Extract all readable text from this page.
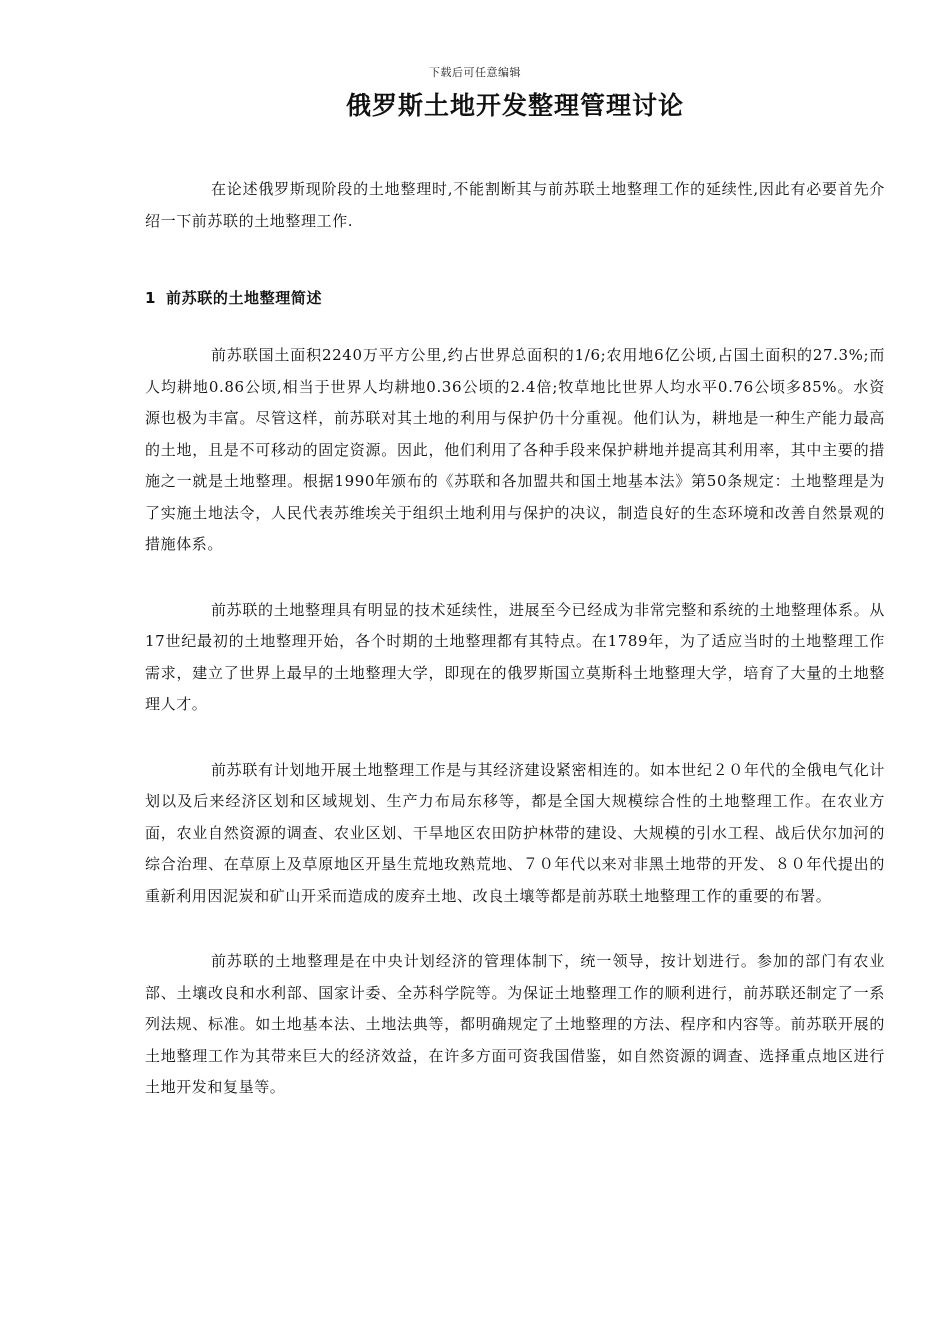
下载后可任意编辑
俄罗斯土地开发整理管理讨论

在论述俄罗斯现阶段的土地整理时,不能割断其与前苏联土地整理工作的延续性,因此有必要首先介绍一下前苏联的土地整理工作.

1 前苏联的土地整理简述

前苏联国土面积2240万平方公里,约占世界总面积的1/6;农用地6亿公顷,占国土面积的27.3%;而人均耕地0.86公顷,相当于世界人均耕地0.36公顷的2.4倍;牧草地比世界人均水平0.76公顷多85%。水资源也极为丰富。尽管这样，前苏联对其土地的利用与保护仍十分重视。他们认为，耕地是一种生产能力最高的土地，且是不可移动的固定资源。因此，他们利用了各种手段来保护耕地并提高其利用率，其中主要的措施之一就是土地整理。根据1990年颁布的《苏联和各加盟共和国土地基本法》第50条规定：土地整理是为了实施土地法令，人民代表苏维埃关于组织土地利用与保护的决议，制造良好的生态环境和改善自然景观的措施体系。

前苏联的土地整理具有明显的技术延续性，进展至今已经成为非常完整和系统的土地整理体系。从17世纪最初的土地整理开始，各个时期的土地整理都有其特点。在1789年，为了适应当时的土地整理工作需求，建立了世界上最早的土地整理大学，即现在的俄罗斯国立莫斯科土地整理大学，培育了大量的土地整理人才。

前苏联有计划地开展土地整理工作是与其经济建设紧密相连的。如本世纪２０年代的全俄电气化计划以及后来经济区划和区域规划、生产力布局东移等，都是全国大规模综合性的土地整理工作。在农业方面，农业自然资源的调查、农业区划、干旱地区农田防护林带的建设、大规模的引水工程、战后伏尔加河的综合治理、在草原上及草原地区开垦生荒地玫熟荒地、７０年代以来对非黑土地带的开发、８０年代提出的重新利用因泥炭和矿山开采而造成的废弃土地、改良土壤等都是前苏联土地整理工作的重要的布署。

前苏联的土地整理是在中央计划经济的管理体制下，统一领导，按计划进行。参加的部门有农业部、土壤改良和水利部、国家计委、全苏科学院等。为保证土地整理工作的顺利进行，前苏联还制定了一系列法规、标准。如土地基本法、土地法典等，都明确规定了土地整理的方法、程序和内容等。前苏联开展的土地整理工作为其带来巨大的经济效益，在许多方面可资我国借鉴，如自然资源的调查、选择重点地区进行土地开发和复垦等。
